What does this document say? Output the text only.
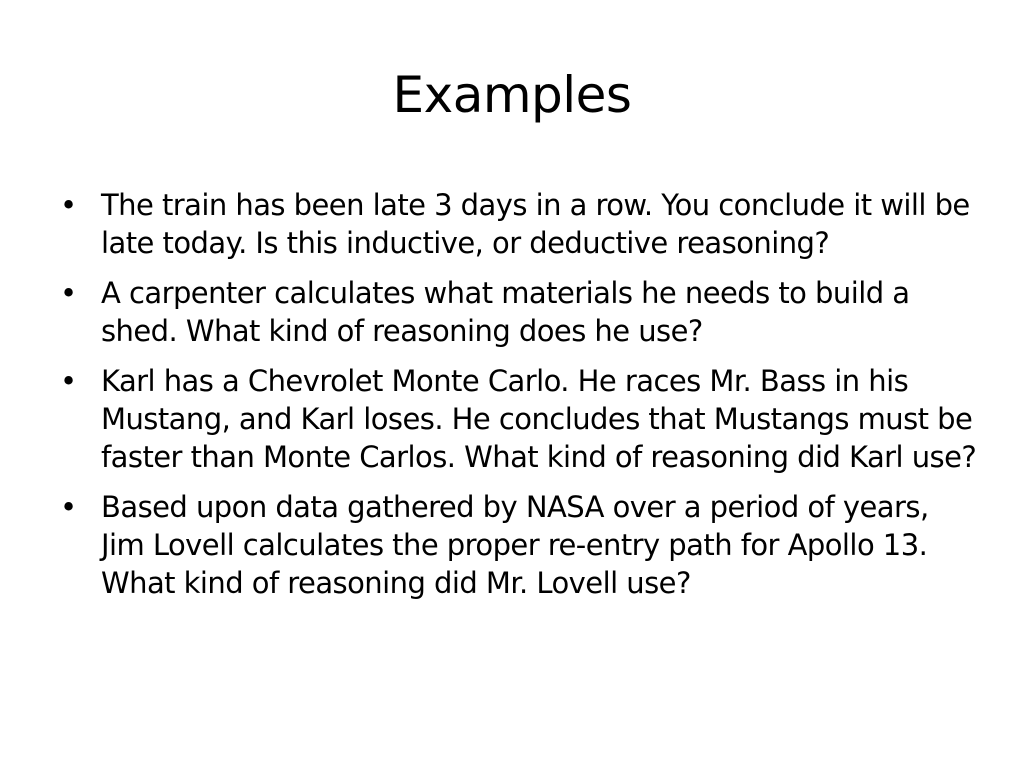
Examples
• The train has been late 3 days in a row. You conclude it will be late today. Is this inductive, or deductive reasoning?
• A carpenter calculates what materials he needs to build a shed. What kind of reasoning does he use?
• Karl has a Chevrolet Monte Carlo. He races Mr. Bass in his Mustang, and Karl loses. He concludes that Mustangs must be faster than Monte Carlos. What kind of reasoning did Karl use?
• Based upon data gathered by NASA over a period of years, Jim Lovell calculates the proper re-entry path for Apollo 13. What kind of reasoning did Mr. Lovell use?
